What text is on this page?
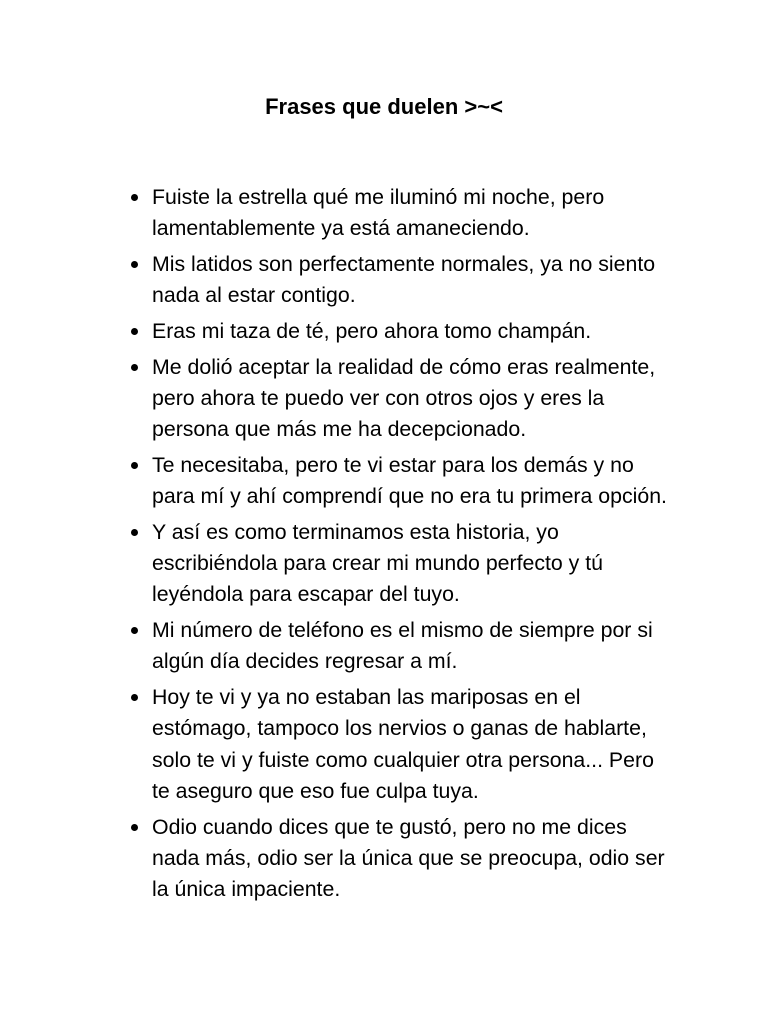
Frases que duelen >~<
Fuiste la estrella qué me iluminó mi noche, pero lamentablemente ya está amaneciendo.
Mis latidos son perfectamente normales, ya no siento nada al estar contigo.
Eras mi taza de té, pero ahora tomo champán.
Me dolió aceptar la realidad de cómo eras realmente, pero ahora te puedo ver con otros ojos y eres la persona que más me ha decepcionado.
Te necesitaba, pero te vi estar para los demás y no para mí y ahí comprendí que no era tu primera opción.
Y así es como terminamos esta historia, yo escribiéndola para crear mi mundo perfecto y tú leyéndola para escapar del tuyo.
Mi número de teléfono es el mismo de siempre por si algún día decides regresar a mí.
Hoy te vi y ya no estaban las mariposas en el estómago, tampoco los nervios o ganas de hablarte, solo te vi y fuiste como cualquier otra persona... Pero te aseguro que eso fue culpa tuya.
Odio cuando dices que te gustó, pero no me dices nada más, odio ser la única que se preocupa, odio ser la única impaciente.
